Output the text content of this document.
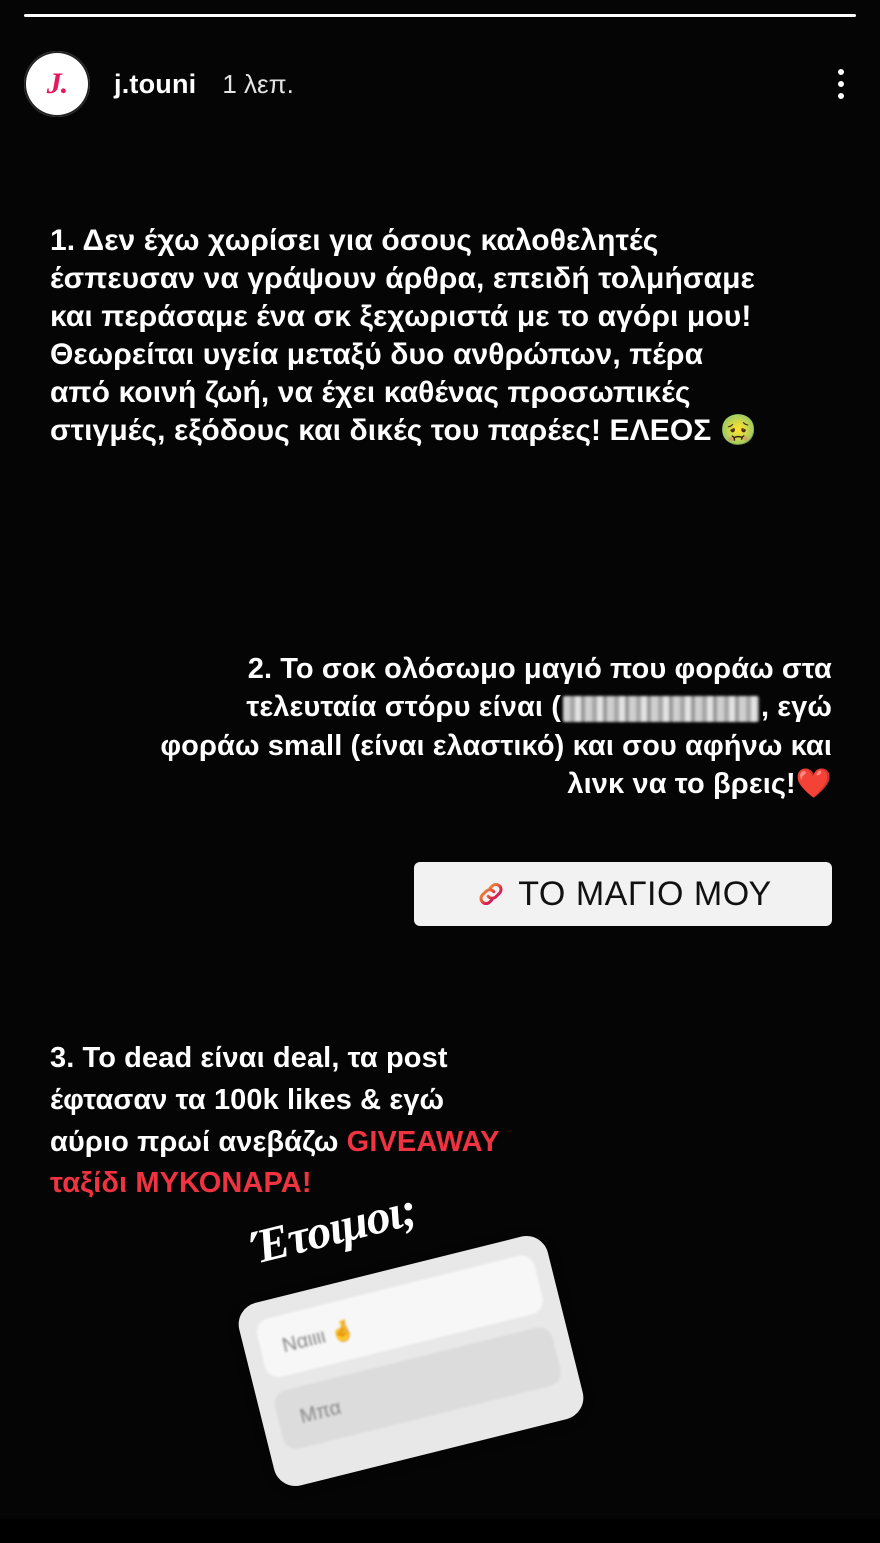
J.	j.touni 1 λεπ.
1. Δεν έχω χωρίσει για όσους καλοθελητές έσπευσαν να γράψουν άρθρα, επειδή τολμήσαμε και περάσαμε ένα σκ ξεχωριστά με το αγόρι μου! Θεωρείται υγεία μεταξύ δυο ανθρώπων, πέρα από κοινή ζωή, να έχει καθένας προσωπικές στιγμές, εξόδους και δικές του παρέες! ΕΛΕΟΣ 🤢
2. Το σοκ ολόσωμο μαγιό που φοράω στα τελευταία στόρυ είναι (	, εγώ φοράω small (είναι ελαστικό) και σου αφήνω και λινκ να το βρεις!❤️
ΤΟ ΜΑΓΙΟ ΜΟΥ
3. Το dead είναι deal, τα post
έφτασαν τα 100k likes & εγώ
αύριο πρωί ανεβάζω GIVEAWAY
ταξίδι ΜΥΚΟΝΑΡΑ!
Έτοιμοι;
Ναιιιι 🤞
Μπα
